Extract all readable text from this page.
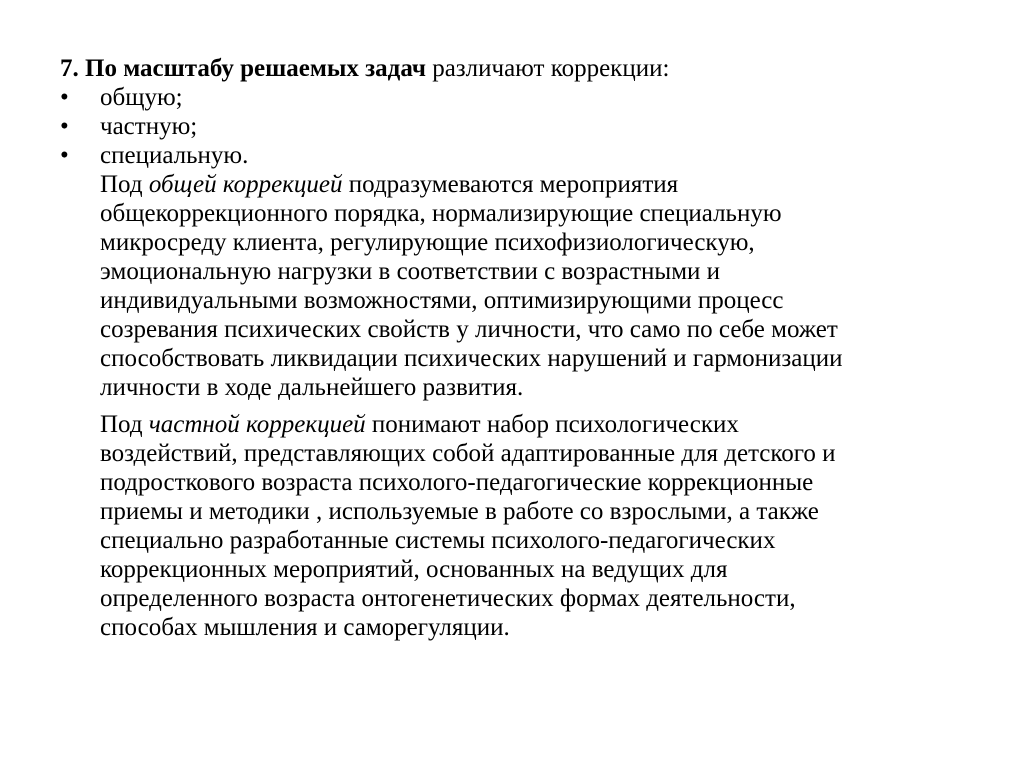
7. По масштабу решаемых задач различают коррекции:

• общую;
• частную;
• специальную.
Под общей коррекцией подразумеваются мероприятия
общекоррекционного порядка, нормализирующие специальную
микросреду клиента, регулирующие психофизиологическую,
эмоциональную нагрузки в соответствии с возрастными и
индивидуальными возможностями, оптимизирующими процесс
созревания психических свойств у личности, что само по себе может
способствовать ликвидации психических нарушений и гармонизации
личности в ходе дальнейшего развития.
Под частной коррекцией понимают набор психологических
воздействий, представляющих собой адаптированные для детского и
подросткового возраста психолого-педагогические коррекционные
приемы и методики , используемые в работе со взрослыми, а также
специально разработанные системы психолого-педагогических
коррекционных мероприятий, основанных на ведущих для
определенного возраста онтогенетических формах деятельности,
способах мышления и саморегуляции.
